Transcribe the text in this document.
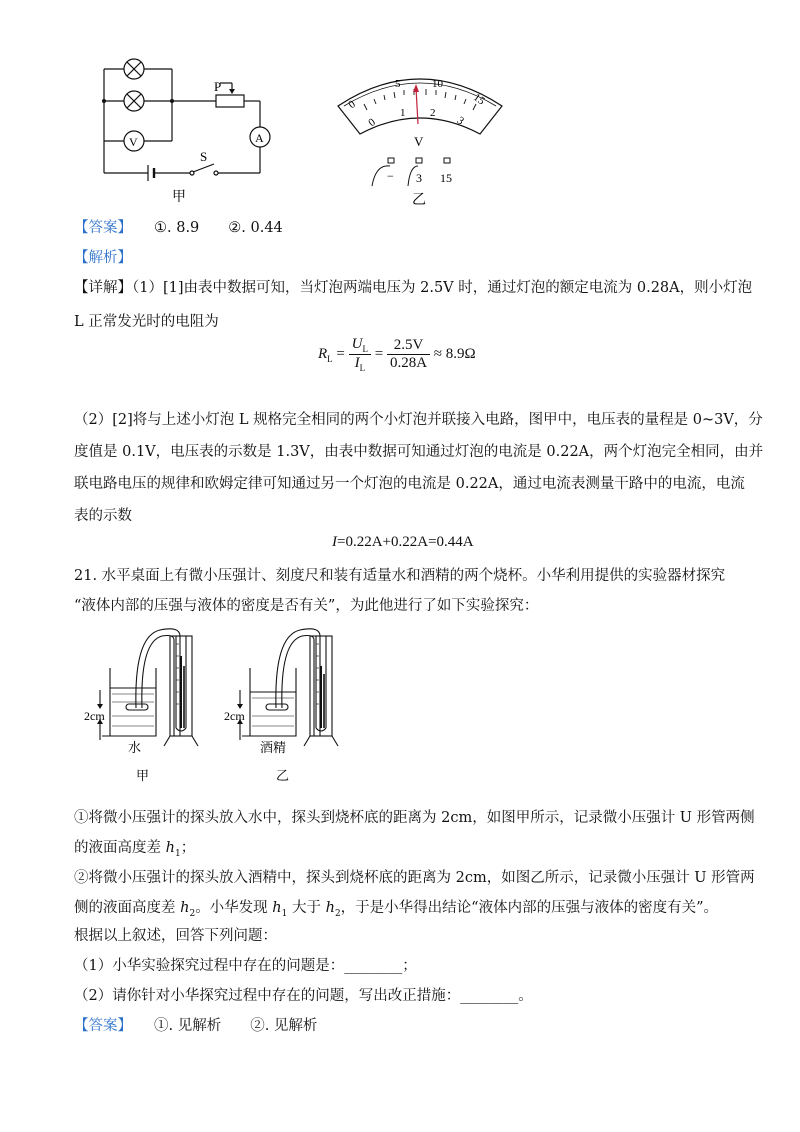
P
V	A
S
甲
0
5	10
15
0
1 2
3
V
− 3 15
乙
【答案】 ①. 8.9　　②. 0.44
【解析】
【详解】（1）[1]由表中数据可知，当灯泡两端电压为 2.5V 时，通过灯泡的额定电流为 0.28A，则小灯泡
L 正常发光时的电阻为
$R_L = \frac{U_L}{I_L} = \frac{2.5V}{0.28A} \approx 8.9\Omega$
（2）[2]将与上述小灯泡 L 规格完全相同的两个小灯泡并联接入电路，图甲中，电压表的量程是 0~3V，分
度值是 0.1V，电压表的示数是 1.3V，由表中数据可知通过灯泡的电流是 0.22A，两个灯泡完全相同，由并
联电路电压的规律和欧姆定律可知通过另一个灯泡的电流是 0.22A，通过电流表测量干路中的电流，电流
表的示数
I=0.22A+0.22A=0.44A
21. 水平桌面上有微小压强计、刻度尺和装有适量水和酒精的两个烧杯。小华利用提供的实验器材探究
“液体内部的压强与液体的密度是否有关”，为此他进行了如下实验探究：
2cm
水
甲
2cm
酒精
乙
①将微小压强计的探头放入水中，探头到烧杯底的距离为 2cm，如图甲所示，记录微小压强计 U 形管两侧
的液面高度差 $h_1$；
②将微小压强计的探头放入酒精中，探头到烧杯底的距离为 2cm，如图乙所示，记录微小压强计 U 形管两
侧的液面高度差 $h_2$。小华发现 $h_1$ 大于 $h_2$，于是小华得出结论“液体内部的压强与液体的密度有关”。
根据以上叙述，回答下列问题：
（1）小华实验探究过程中存在的问题是：________；
（2）请你针对小华探究过程中存在的问题，写出改正措施：________。
【答案】 ①. 见解析　　②. 见解析
